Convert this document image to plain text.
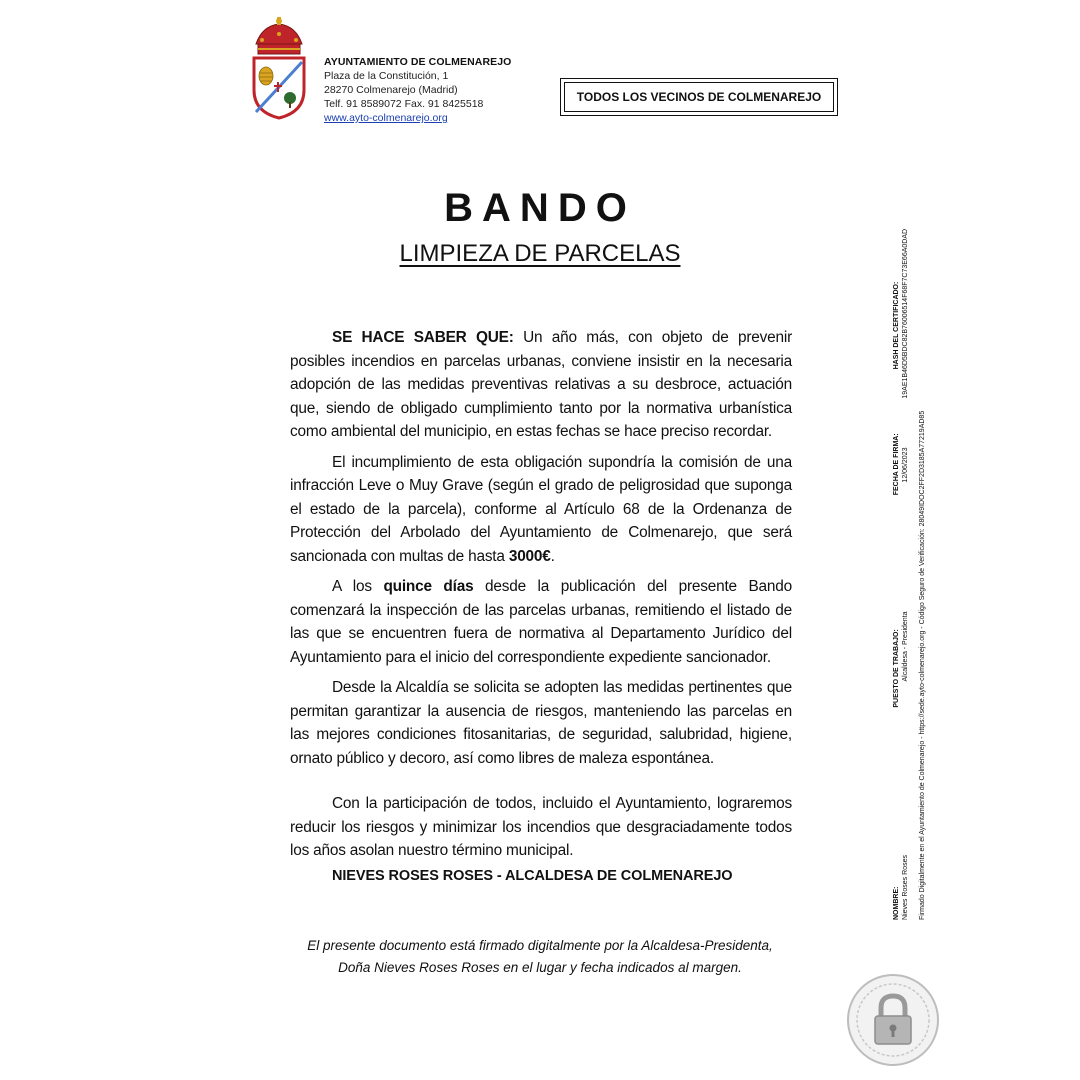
AYUNTAMIENTO DE COLMENAREJO
Plaza de la Constitución, 1
28270 Colmenarejo (Madrid)
Telf. 91 8589072 Fax. 91 8425518
www.ayto-colmenarejo.org
TODOS LOS VECINOS DE COLMENAREJO
BANDO
LIMPIEZA DE PARCELAS

SE HACE SABER QUE: Un año más, con objeto de prevenir posibles incendios en parcelas urbanas, conviene insistir en la necesaria adopción de las medidas preventivas relativas a su desbroce, actuación que, siendo de obligado cumplimiento tanto por la normativa urbanística como ambiental del municipio, en estas fechas se hace preciso recordar.

El incumplimiento de esta obligación supondría la comisión de una infracción Leve o Muy Grave (según el grado de peligrosidad que suponga el estado de la parcela), conforme al Artículo 68 de la Ordenanza de Protección del Arbolado del Ayuntamiento de Colmenarejo, que será sancionada con multas de hasta 3000€.

A los quince días desde la publicación del presente Bando comenzará la inspección de las parcelas urbanas, remitiendo el listado de las que se encuentren fuera de normativa al Departamento Jurídico del Ayuntamiento para el inicio del correspondiente expediente sancionador.

Desde la Alcaldía se solicita se adopten las medidas pertinentes que permitan garantizar la ausencia de riesgos, manteniendo las parcelas en las mejores condiciones fitosanitarias, de seguridad, salubridad, higiene, ornato público y decoro, así como libres de maleza espontánea.

Con la participación de todos, incluido el Ayuntamiento, lograremos reducir los riesgos y minimizar los incendios que desgraciadamente todos los años asolan nuestro término municipal.

NIEVES ROSES ROSES - ALCALDESA DE COLMENAREJO
El presente documento está firmado digitalmente por la Alcaldesa-Presidenta,
Doña Nieves Roses Roses en el lugar y fecha indicados al margen.
NOMBRE:  PUESTO DE TRABAJO:  FECHA DE FIRMA:  HASH DEL CERTIFICADO:
Nieves Roses Roses  Alcaldesa - Presidenta  12/06/2023  19AE1B46D5BDC82B76006514F68F7C73E66A0DAD
Firmado Digitalmente en el Ayuntamiento de Colmenarejo - https://sede.ayto-colmenarejo.org - Código Seguro de Verificación: 28049IDOC2FF2D3185A77219AD85
